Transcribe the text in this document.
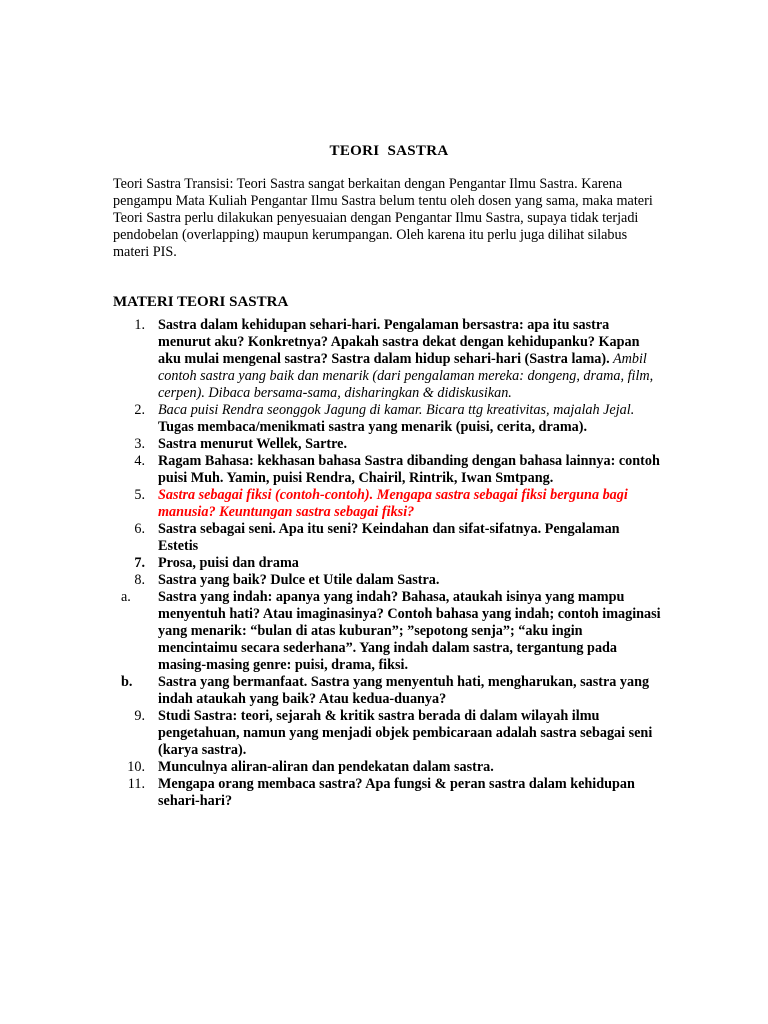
TEORI  SASTRA
Teori Sastra Transisi: Teori Sastra sangat berkaitan dengan Pengantar Ilmu Sastra. Karena pengampu Mata Kuliah Pengantar Ilmu Sastra belum tentu oleh dosen yang sama, maka materi Teori Sastra perlu dilakukan penyesuaian dengan Pengantar Ilmu Sastra, supaya tidak terjadi pendobelan (overlapping) maupun kerumpangan. Oleh karena itu perlu juga dilihat silabus materi PIS.
MATERI TEORI SASTRA
1. Sastra dalam kehidupan sehari-hari. Pengalaman bersastra: apa itu sastra menurut aku? Konkretnya? Apakah sastra dekat dengan kehidupanku? Kapan aku mulai mengenal sastra? Sastra dalam hidup sehari-hari (Sastra lama). Ambil contoh sastra yang baik dan menarik (dari pengalaman mereka: dongeng, drama, film, cerpen). Dibaca bersama-sama, disharingkan & didiskusikan.
2. Baca puisi Rendra seonggok Jagung di kamar. Bicara ttg kreativitas, majalah Jejal. Tugas membaca/menikmati sastra yang menarik (puisi, cerita, drama).
3. Sastra menurut Wellek, Sartre.
4. Ragam Bahasa: kekhasan bahasa Sastra dibanding dengan bahasa lainnya: contoh puisi Muh. Yamin, puisi Rendra, Chairil, Rintrik, Iwan Smtpang.
5. Sastra sebagai fiksi (contoh-contoh). Mengapa sastra sebagai fiksi berguna bagi manusia? Keuntungan sastra sebagai fiksi?
6. Sastra sebagai seni. Apa itu seni? Keindahan dan sifat-sifatnya. Pengalaman Estetis
7. Prosa, puisi dan drama
8. Sastra yang baik? Dulce et Utile dalam Sastra.
a.	Sastra yang indah: apanya yang indah? Bahasa, ataukah isinya yang mampu menyentuh hati? Atau imaginasinya? Contoh bahasa yang indah; contoh imaginasi yang menarik: “bulan di atas kuburan”; ”sepotong senja”; “aku ingin mencintaimu secara sederhana”. Yang indah dalam sastra, tergantung pada masing-masing genre: puisi, drama, fiksi.
b.	Sastra yang bermanfaat. Sastra yang menyentuh hati, mengharukan, sastra yang indah ataukah yang baik? Atau kedua-duanya?
9. Studi Sastra: teori, sejarah & kritik sastra berada di dalam wilayah ilmu pengetahuan, namun yang menjadi objek pembicaraan adalah sastra sebagai seni (karya sastra).
10. Munculnya aliran-aliran dan pendekatan dalam sastra.
11. Mengapa orang membaca sastra? Apa fungsi & peran sastra dalam kehidupan sehari-hari?
